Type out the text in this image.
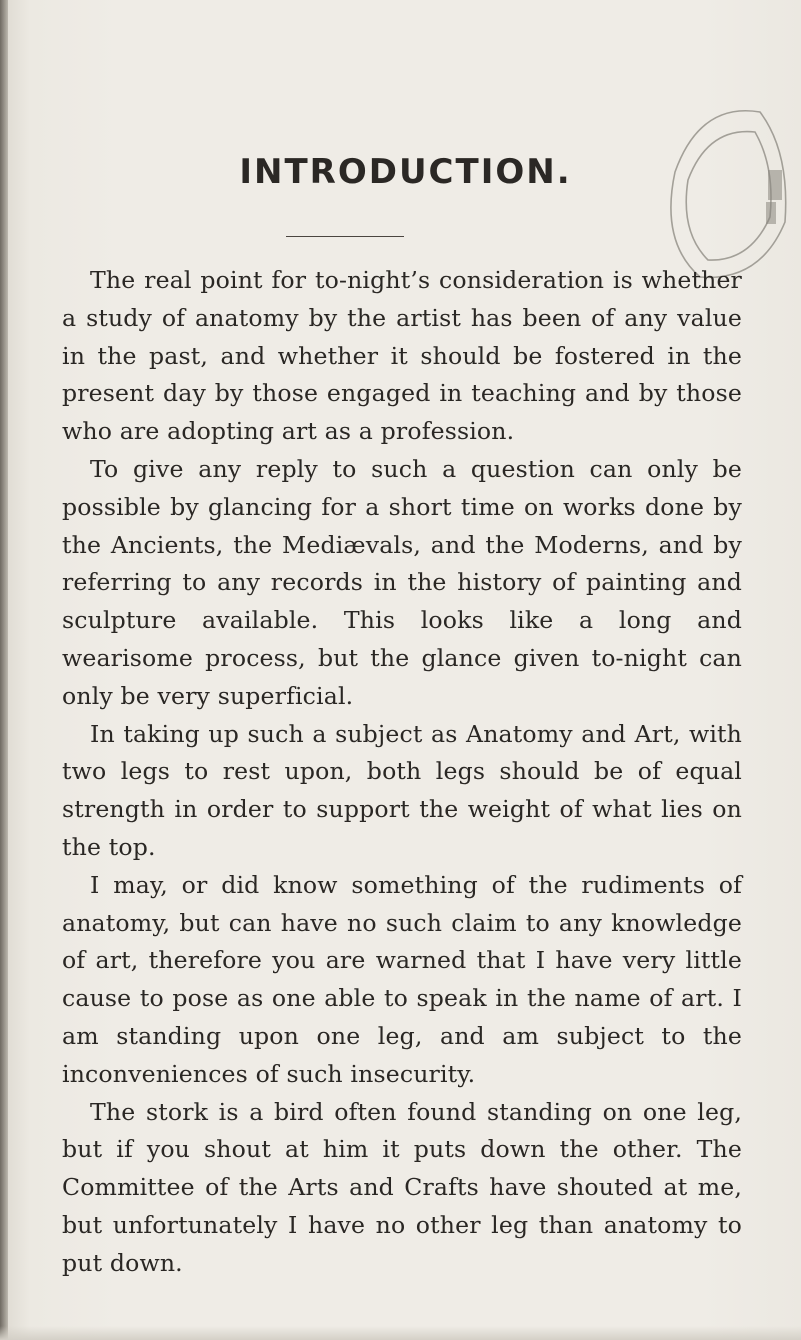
INTRODUCTION.

The real point for to-night’s consideration is whether a study of anatomy by the artist has been of any value in the past, and whether it should be fostered in the present day by those engaged in teaching and by those who are adopting art as a profession.

To give any reply to such a question can only be possible by glancing for a short time on works done by the Ancients, the Mediævals, and the Moderns, and by referring to any records in the history of painting and sculpture available. This looks like a long and wearisome process, but the glance given to-night can only be very superficial.

In taking up such a subject as Anatomy and Art, with two legs to rest upon, both legs should be of equal strength in order to support the weight of what lies on the top.

I may, or did know something of the rudiments of anatomy, but can have no such claim to any knowledge of art, therefore you are warned that I have very little cause to pose as one able to speak in the name of art. I am standing upon one leg, and am subject to the inconveniences of such insecurity.

The stork is a bird often found standing on one leg, but if you shout at him it puts down the other. The Committee of the Arts and Crafts have shouted at me, but unfortunately I have no other leg than anatomy to put down.
